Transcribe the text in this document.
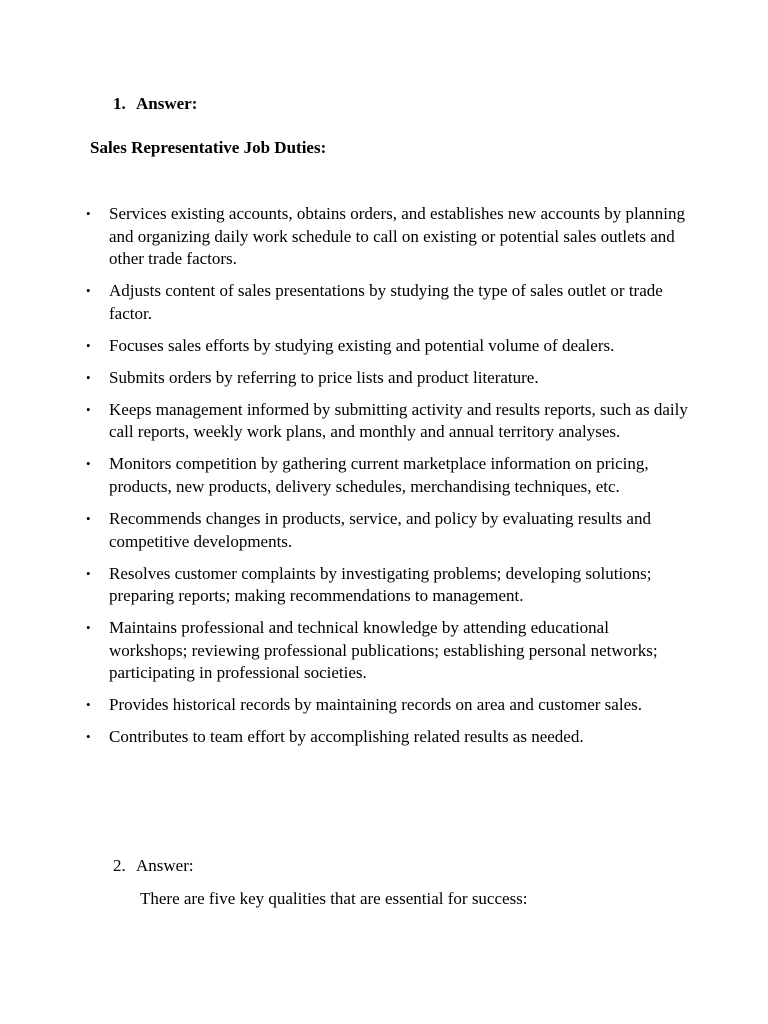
1. Answer:
Sales Representative Job Duties:
• Services existing accounts, obtains orders, and establishes new accounts by planning and organizing daily work schedule to call on existing or potential sales outlets and other trade factors.
• Adjusts content of sales presentations by studying the type of sales outlet or trade factor.
• Focuses sales efforts by studying existing and potential volume of dealers.
• Submits orders by referring to price lists and product literature.
• Keeps management informed by submitting activity and results reports, such as daily call reports, weekly work plans, and monthly and annual territory analyses.
• Monitors competition by gathering current marketplace information on pricing, products, new products, delivery schedules, merchandising techniques, etc.
• Recommends changes in products, service, and policy by evaluating results and competitive developments.
• Resolves customer complaints by investigating problems; developing solutions; preparing reports; making recommendations to management.
• Maintains professional and technical knowledge by attending educational workshops; reviewing professional publications; establishing personal networks; participating in professional societies.
• Provides historical records by maintaining records on area and customer sales.
• Contributes to team effort by accomplishing related results as needed.
2. Answer:
There are five key qualities that are essential for success:
